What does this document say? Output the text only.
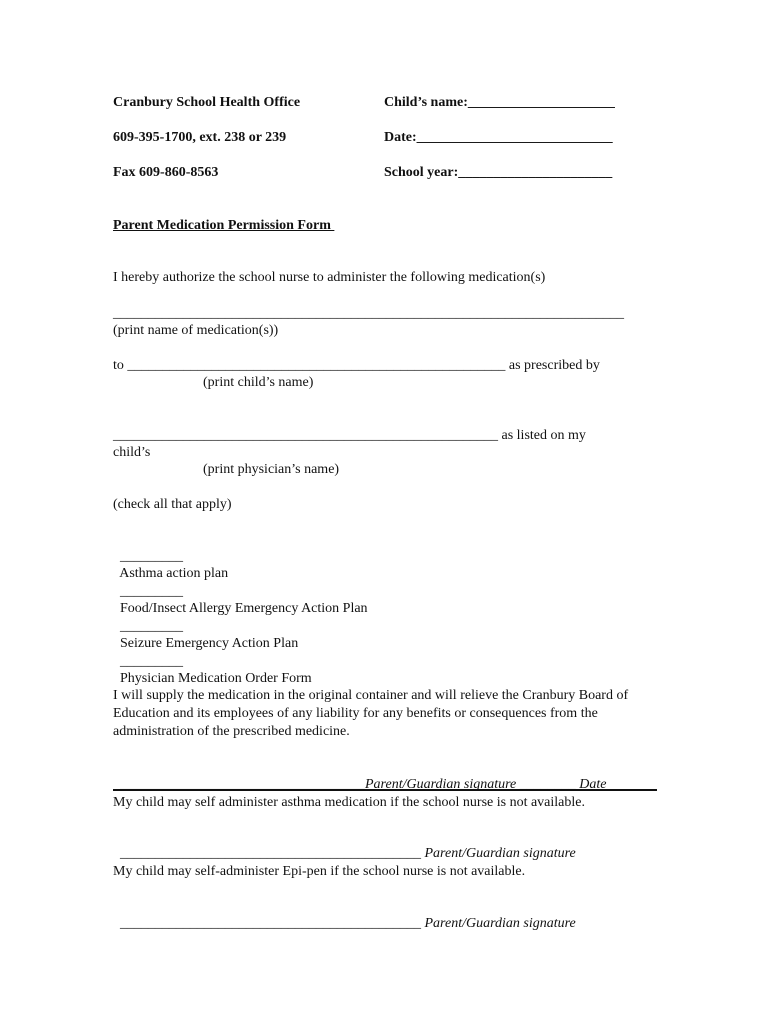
Cranbury School Health Office	Child’s name:_____________________
609-395-1700, ext. 238 or 239	Date:____________________________
Fax 609-860-8563	School year:______________________
Parent Medication Permission Form
I hereby authorize the school nurse to administer the following medication(s)
_________________________________________________________________________
(print name of medication(s))
to ______________________________________________________ as prescribed by
(print child’s name)
_______________________________________________________ as listed on my
child’s
(print physician’s name)
(check all that apply)

_________
Asthma action plan

_________
Food/Insect Allergy Emergency Action Plan

_________
Seizure Emergency Action Plan

_________
Physician Medication Order Form

I will supply the medication in the original container and will relieve the Cranbury Board of Education and its employees of any liability for any benefits or consequences from the administration of the prescribed medicine.

___________________________________Parent/Guardian signature ________ Date

My child may self administer asthma medication if the school nurse is not available.

___________________________________________ Parent/Guardian signature

My child may self-administer Epi-pen if the school nurse is not available.

___________________________________________ Parent/Guardian signature
